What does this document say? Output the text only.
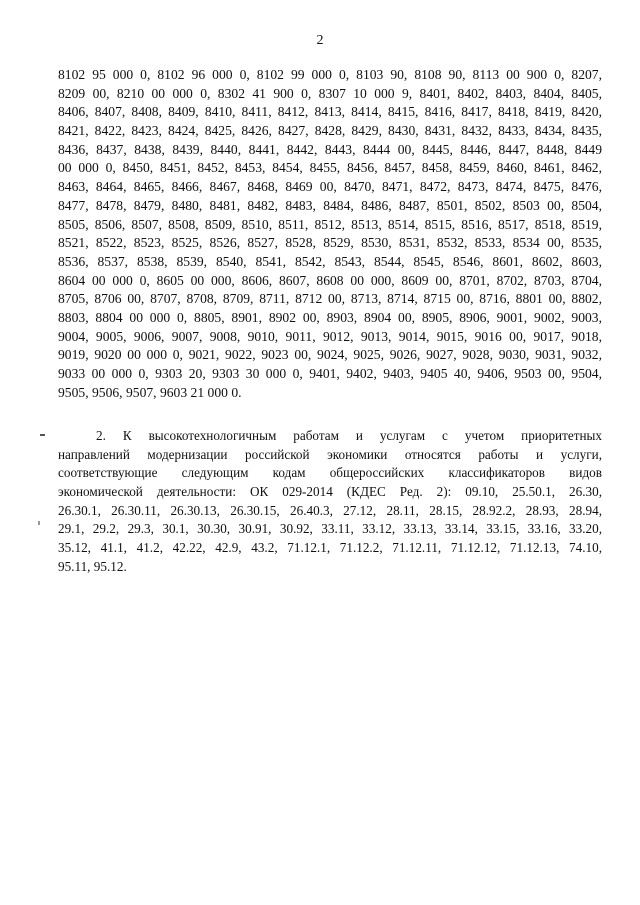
2
8102 95 000 0, 8102 96 000 0, 8102 99 000 0, 8103 90, 8108 90, 8113 00 900 0, 8207,
8209 00, 8210 00 000 0, 8302 41 900 0, 8307 10 000 9, 8401, 8402, 8403, 8404, 8405,
8406, 8407, 8408, 8409, 8410, 8411, 8412, 8413, 8414, 8415, 8416, 8417, 8418, 8419, 8420,
8421, 8422, 8423, 8424, 8425, 8426, 8427, 8428, 8429, 8430, 8431, 8432, 8433, 8434, 8435,
8436, 8437, 8438, 8439, 8440, 8441, 8442, 8443, 8444 00, 8445, 8446, 8447, 8448, 8449
00 000 0, 8450, 8451, 8452, 8453, 8454, 8455, 8456, 8457, 8458, 8459, 8460, 8461, 8462,
8463, 8464, 8465, 8466, 8467, 8468, 8469 00, 8470, 8471, 8472, 8473, 8474, 8475, 8476,
8477, 8478, 8479, 8480, 8481, 8482, 8483, 8484, 8486, 8487, 8501, 8502, 8503 00, 8504,
8505, 8506, 8507, 8508, 8509, 8510, 8511, 8512, 8513, 8514, 8515, 8516, 8517, 8518, 8519,
8521, 8522, 8523, 8525, 8526, 8527, 8528, 8529, 8530, 8531, 8532, 8533, 8534 00, 8535,
8536, 8537, 8538, 8539, 8540, 8541, 8542, 8543, 8544, 8545, 8546, 8601, 8602, 8603,
8604 00 000 0, 8605 00 000, 8606, 8607, 8608 00 000, 8609 00, 8701, 8702, 8703, 8704,
8705, 8706 00, 8707, 8708, 8709, 8711, 8712 00, 8713, 8714, 8715 00, 8716, 8801 00, 8802,
8803, 8804 00 000 0, 8805, 8901, 8902 00, 8903, 8904 00, 8905, 8906, 9001, 9002, 9003,
9004, 9005, 9006, 9007, 9008, 9010, 9011, 9012, 9013, 9014, 9015, 9016 00, 9017, 9018,
9019, 9020 00 000 0, 9021, 9022, 9023 00, 9024, 9025, 9026, 9027, 9028, 9030, 9031, 9032,
9033 00 000 0, 9303 20, 9303 30 000 0, 9401, 9402, 9403, 9405 40, 9406, 9503 00, 9504,
9505, 9506, 9507, 9603 21 000 0.
2. К высокотехнологичным работам и услугам с учетом приоритетных
направлений модернизации российской экономики относятся работы и услуги,
соответствующие следующим кодам общероссийских классификаторов видов
экономической деятельности: ОК 029-2014 (КДЕС Ред. 2): 09.10, 25.50.1, 26.30,
26.30.1, 26.30.11, 26.30.13, 26.30.15, 26.40.3, 27.12, 28.11, 28.15, 28.92.2, 28.93, 28.94,
29.1, 29.2, 29.3, 30.1, 30.30, 30.91, 30.92, 33.11, 33.12, 33.13, 33.14, 33.15, 33.16, 33.20,
35.12, 41.1, 41.2, 42.22, 42.9, 43.2, 71.12.1, 71.12.2, 71.12.11, 71.12.12, 71.12.13, 74.10,
95.11, 95.12.
